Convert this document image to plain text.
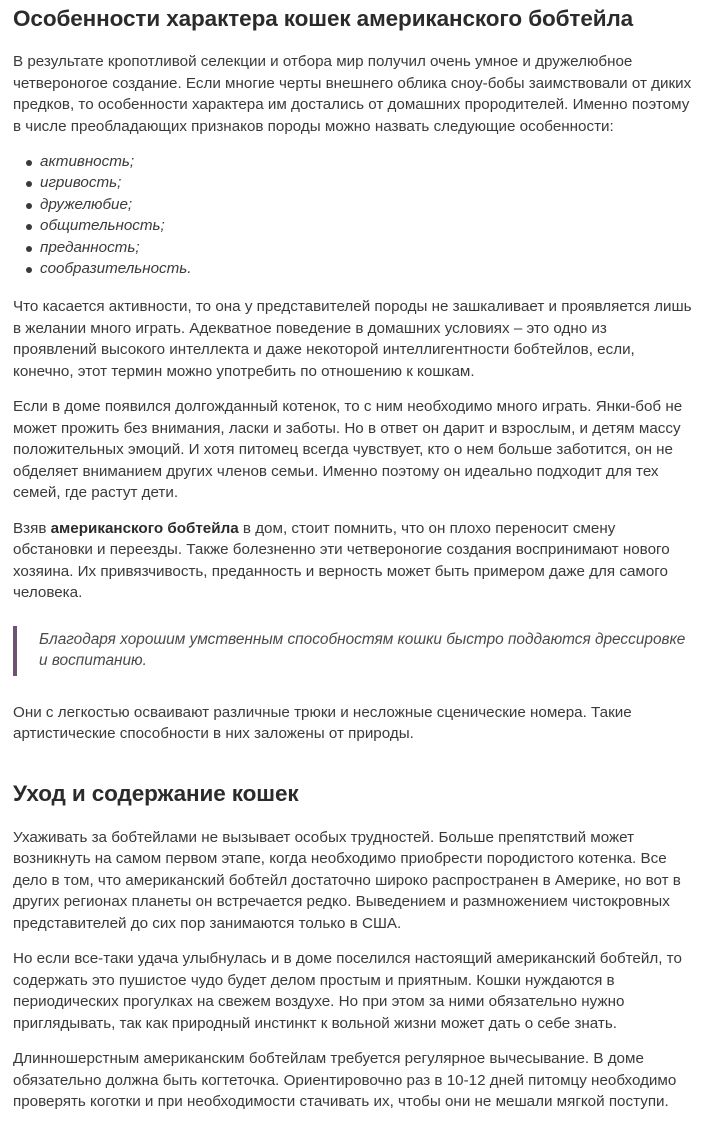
Особенности характера кошек американского бобтейла

В результате кропотливой селекции и отбора мир получил очень умное и дружелюбное четвероногое создание. Если многие черты внешнего облика сноу-бобы заимствовали от диких предков, то особенности характера им достались от домашних прородителей. Именно поэтому в числе преобладающих признаков породы можно назвать следующие особенности:

активность;
игривость;
дружелюбие;
общительность;
преданность;
сообразительность.

Что касается активности, то она у представителей породы не зашкаливает и проявляется лишь в желании много играть. Адекватное поведение в домашних условиях – это одно из проявлений высокого интеллекта и даже некоторой интеллигентности бобтейлов, если, конечно, этот термин можно употребить по отношению к кошкам.

Если в доме появился долгожданный котенок, то с ним необходимо много играть. Янки-боб не может прожить без внимания, ласки и заботы. Но в ответ он дарит и взрослым, и детям массу положительных эмоций. И хотя питомец всегда чувствует, кто о нем больше заботится, он не обделяет вниманием других членов семьи. Именно поэтому он идеально подходит для тех семей, где растут дети.

Взяв американского бобтейла в дом, стоит помнить, что он плохо переносит смену обстановки и переезды. Также болезненно эти четвероногие создания воспринимают нового хозяина. Их привязчивость, преданность и верность может быть примером даже для самого человека.

Благодаря хорошим умственным способностям кошки быстро поддаются дрессировке и воспитанию.

Они с легкостью осваивают различные трюки и несложные сценические номера. Такие артистические способности в них заложены от природы.

Уход и содержание кошек

Ухаживать за бобтейлами не вызывает особых трудностей. Больше препятствий может возникнуть на самом первом этапе, когда необходимо приобрести породистого котенка. Все дело в том, что американский бобтейл достаточно широко распространен в Америке, но вот в других регионах планеты он встречается редко. Выведением и размножением чистокровных представителей до сих пор занимаются только в США.

Но если все-таки удача улыбнулась и в доме поселился настоящий американский бобтейл, то содержать это пушистое чудо будет делом простым и приятным. Кошки нуждаются в периодических прогулках на свежем воздухе. Но при этом за ними обязательно нужно приглядывать, так как природный инстинкт к вольной жизни может дать о себе знать.

Длинношерстным американским бобтейлам требуется регулярное вычесывание. В доме обязательно должна быть когтеточка. Ориентировочно раз в 10-12 дней питомцу необходимо проверять коготки и при необходимости стачивать их, чтобы они не мешали мягкой поступи.
